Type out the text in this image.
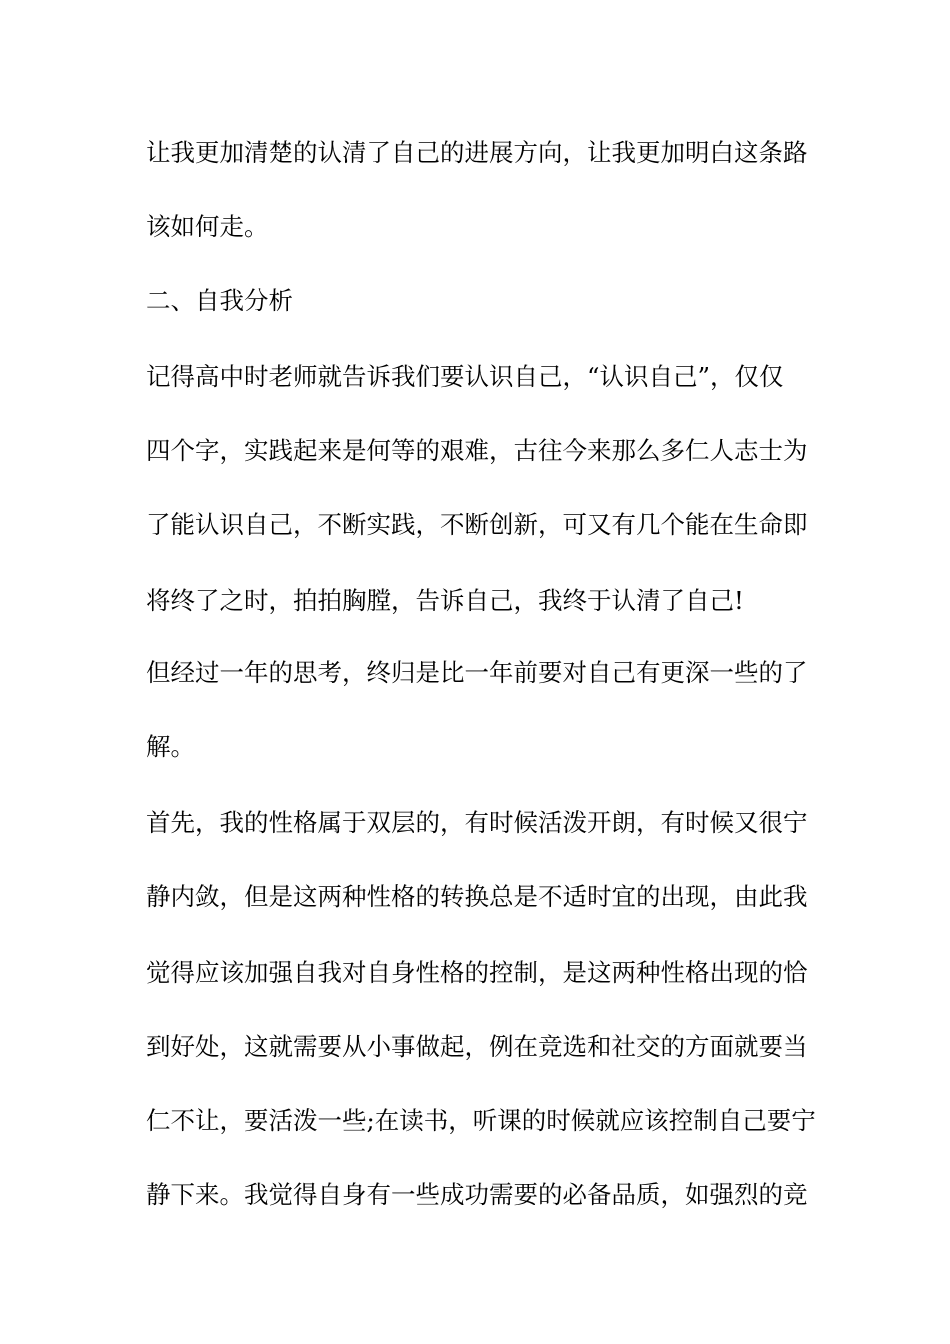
让我更加清楚的认清了自己的进展方向，让我更加明白这条路
该如何走。
二、自我分析
记得高中时老师就告诉我们要认识自己，“认识自己”，仅仅
四个字，实践起来是何等的艰难，古往今来那么多仁人志士为
了能认识自己，不断实践，不断创新，可又有几个能在生命即
将终了之时，拍拍胸膛，告诉自己，我终于认清了自己!
但经过一年的思考，终归是比一年前要对自己有更深一些的了
解。
首先，我的性格属于双层的，有时候活泼开朗，有时候又很宁
静内敛，但是这两种性格的转换总是不适时宜的出现，由此我
觉得应该加强自我对自身性格的控制，是这两种性格出现的恰
到好处，这就需要从小事做起，例在竞选和社交的方面就要当
仁不让，要活泼一些;在读书，听课的时候就应该控制自己要宁
静下来。我觉得自身有一些成功需要的必备品质，如强烈的竞
